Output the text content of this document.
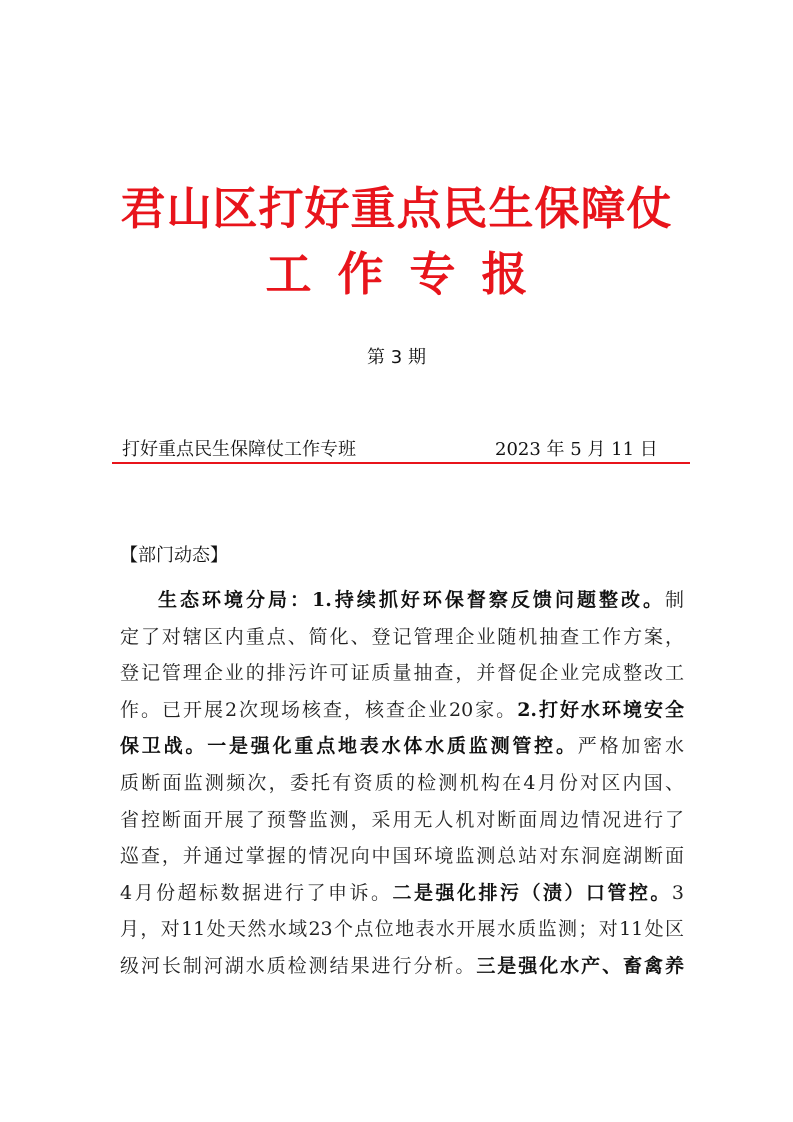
君山区打好重点民生保障仗
工作专报
第 3 期
打好重点民生保障仗工作专班	2023 年 5 月 11 日
【部门动态】
生态环境分局：1.持续抓好环保督察反馈问题整改。制
定了对辖区内重点、简化、登记管理企业随机抽查工作方案，
登记管理企业的排污许可证质量抽查，并督促企业完成整改工
作。已开展2次现场核查，核查企业20家。2.打好水环境安全
保卫战。一是强化重点地表水体水质监测管控。严格加密水
质断面监测频次，委托有资质的检测机构在4月份对区内国、
省控断面开展了预警监测，采用无人机对断面周边情况进行了
巡查，并通过掌握的情况向中国环境监测总站对东洞庭湖断面
4月份超标数据进行了申诉。二是强化排污（渍）口管控。3
月，对11处天然水域23个点位地表水开展水质监测；对11处区
级河长制河湖水质检测结果进行分析。三是强化水产、畜禽养
